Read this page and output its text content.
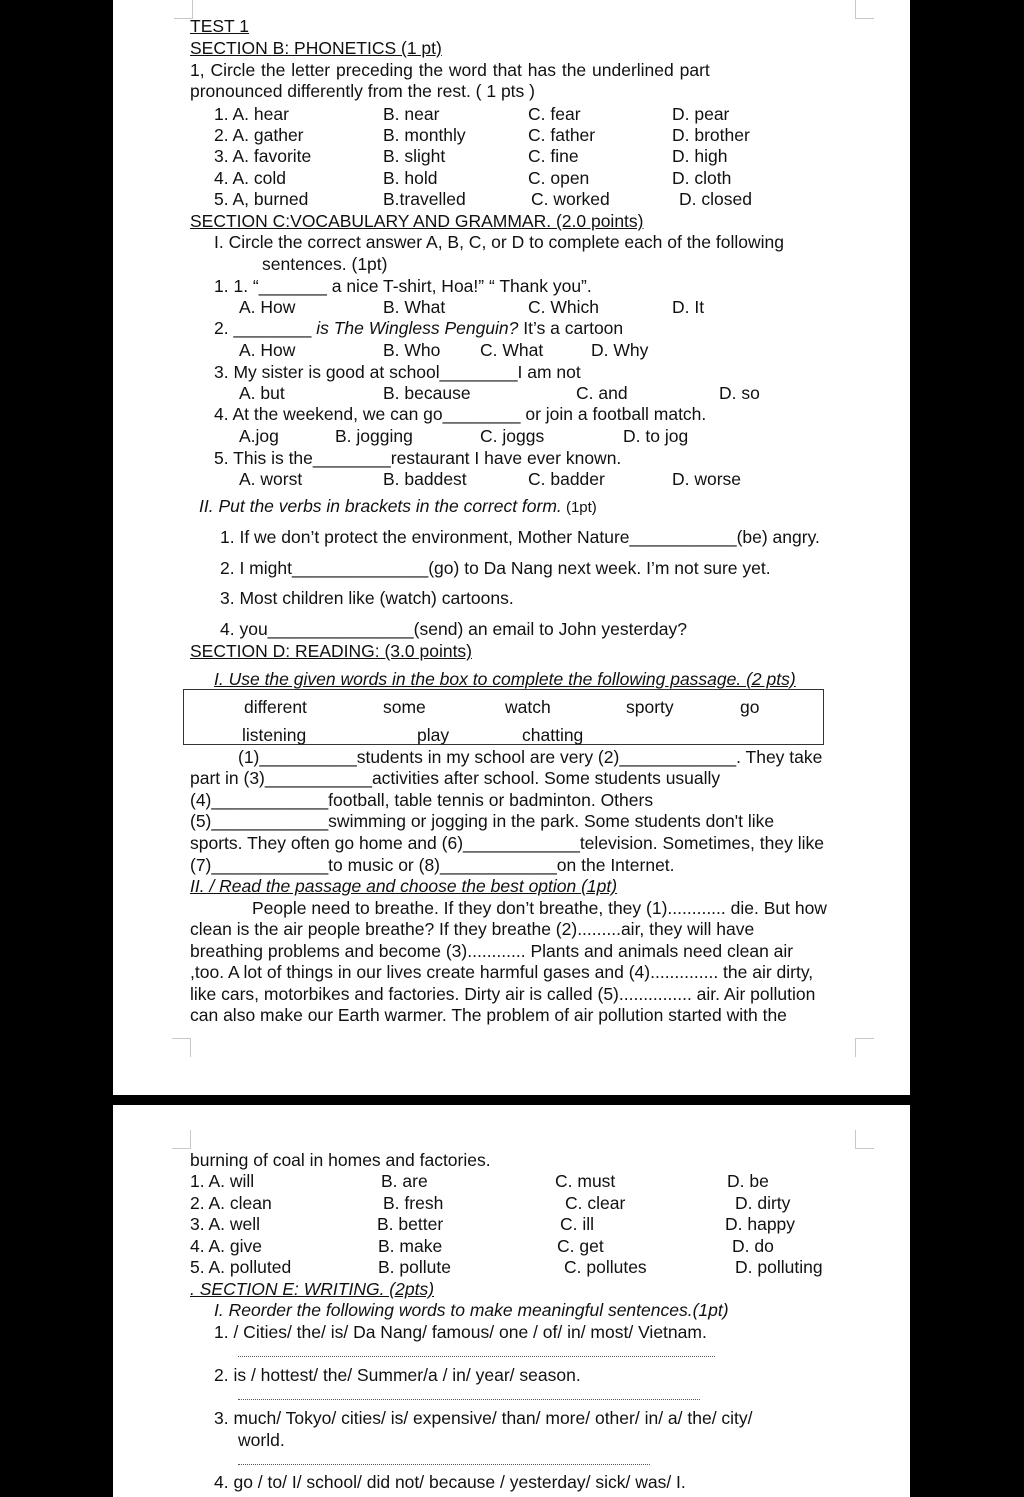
TEST 1
SECTION B: PHONETICS (1 pt)
1, Circle the letter preceding the word that has the underlined part
pronounced differently from the rest. ( 1 pts )
1. A. hear	B. near	C. fear	D. pear
2. A. gather	B. monthly	C. father	D. brother
3. A. favorite	B. slight	C. fine	D. high
4. A. cold	B. hold	C. open	D. cloth
5. A, burned	B.travelled	C. worked	D. closed
SECTION C:VOCABULARY AND GRAMMAR. (2.0 points)
I. Circle the correct answer A, B, C, or D to complete each of the following
sentences. (1pt)
1. 1. “_______ a nice T-shirt, Hoa!” “ Thank you”.
A. How	B. What	C. Which	D. It
2. ________ is The Wingless Penguin? It’s a cartoon
A. How	B. Who C. What	D. Why
3. My sister is good at school________I am not
A. but	B. because	C. and	D. so
4. At the weekend, we can go________ or join a football match.
A.jog	B. jogging	C. joggs	D. to jog
5. This is the________restaurant I have ever known.
A. worst	B. baddest	C. badder	D. worse
II. Put the verbs in brackets in the correct form. (1pt)
1. If we don’t protect the environment, Mother Nature___________(be) angry.
2. I might______________(go) to Da Nang next week. I’m not sure yet.
3. Most children like (watch) cartoons.
4. you_______________(send) an email to John yesterday?
SECTION D: READING: (3.0 points)
I. Use the given words in the box to complete the following passage. (2 pts)
different	some	watch	sporty	go
listening	play	chatting
(1)__________students in my school are very (2)____________. They take
part in (3)___________activities after school. Some students usually
(4)____________football, table tennis or badminton. Others
(5)____________swimming or jogging in the park. Some students don't like
sports. They often go home and (6)____________television. Sometimes, they like
(7)____________to music or (8)____________on the Internet.
II. / Read the passage and choose the best option (1pt)
People need to breathe. If they don’t breathe, they (1)............ die. But how
clean is the air people breathe? If they breathe (2).........air, they will have
breathing problems and become (3)............ Plants and animals need clean air
,too. A lot of things in our lives create harmful gases and (4).............. the air dirty,
like cars, motorbikes and factories. Dirty air is called (5)............... air. Air pollution
can also make our Earth warmer. The problem of air pollution started with the
burning of coal in homes and factories.
1. A. will	B. are	C. must	D. be
2. A. clean	B. fresh	C. clear	D. dirty
3. A. well	B. better	C. ill	D. happy
4. A. give	B. make	C. get	D. do
5. A. polluted	B. pollute	C. pollutes	D. polluting
. SECTION E: WRITING. (2pts)
I. Reorder the following words to make meaningful sentences.(1pt)
1. / Cities/ the/ is/ Da Nang/ famous/ one / of/ in/ most/ Vietnam.
2. is / hottest/ the/ Summer/a / in/ year/ season.
3. much/ Tokyo/ cities/ is/ expensive/ than/ more/ other/ in/ a/ the/ city/
world.
4. go / to/ I/ school/ did not/ because / yesterday/ sick/ was/ I.
